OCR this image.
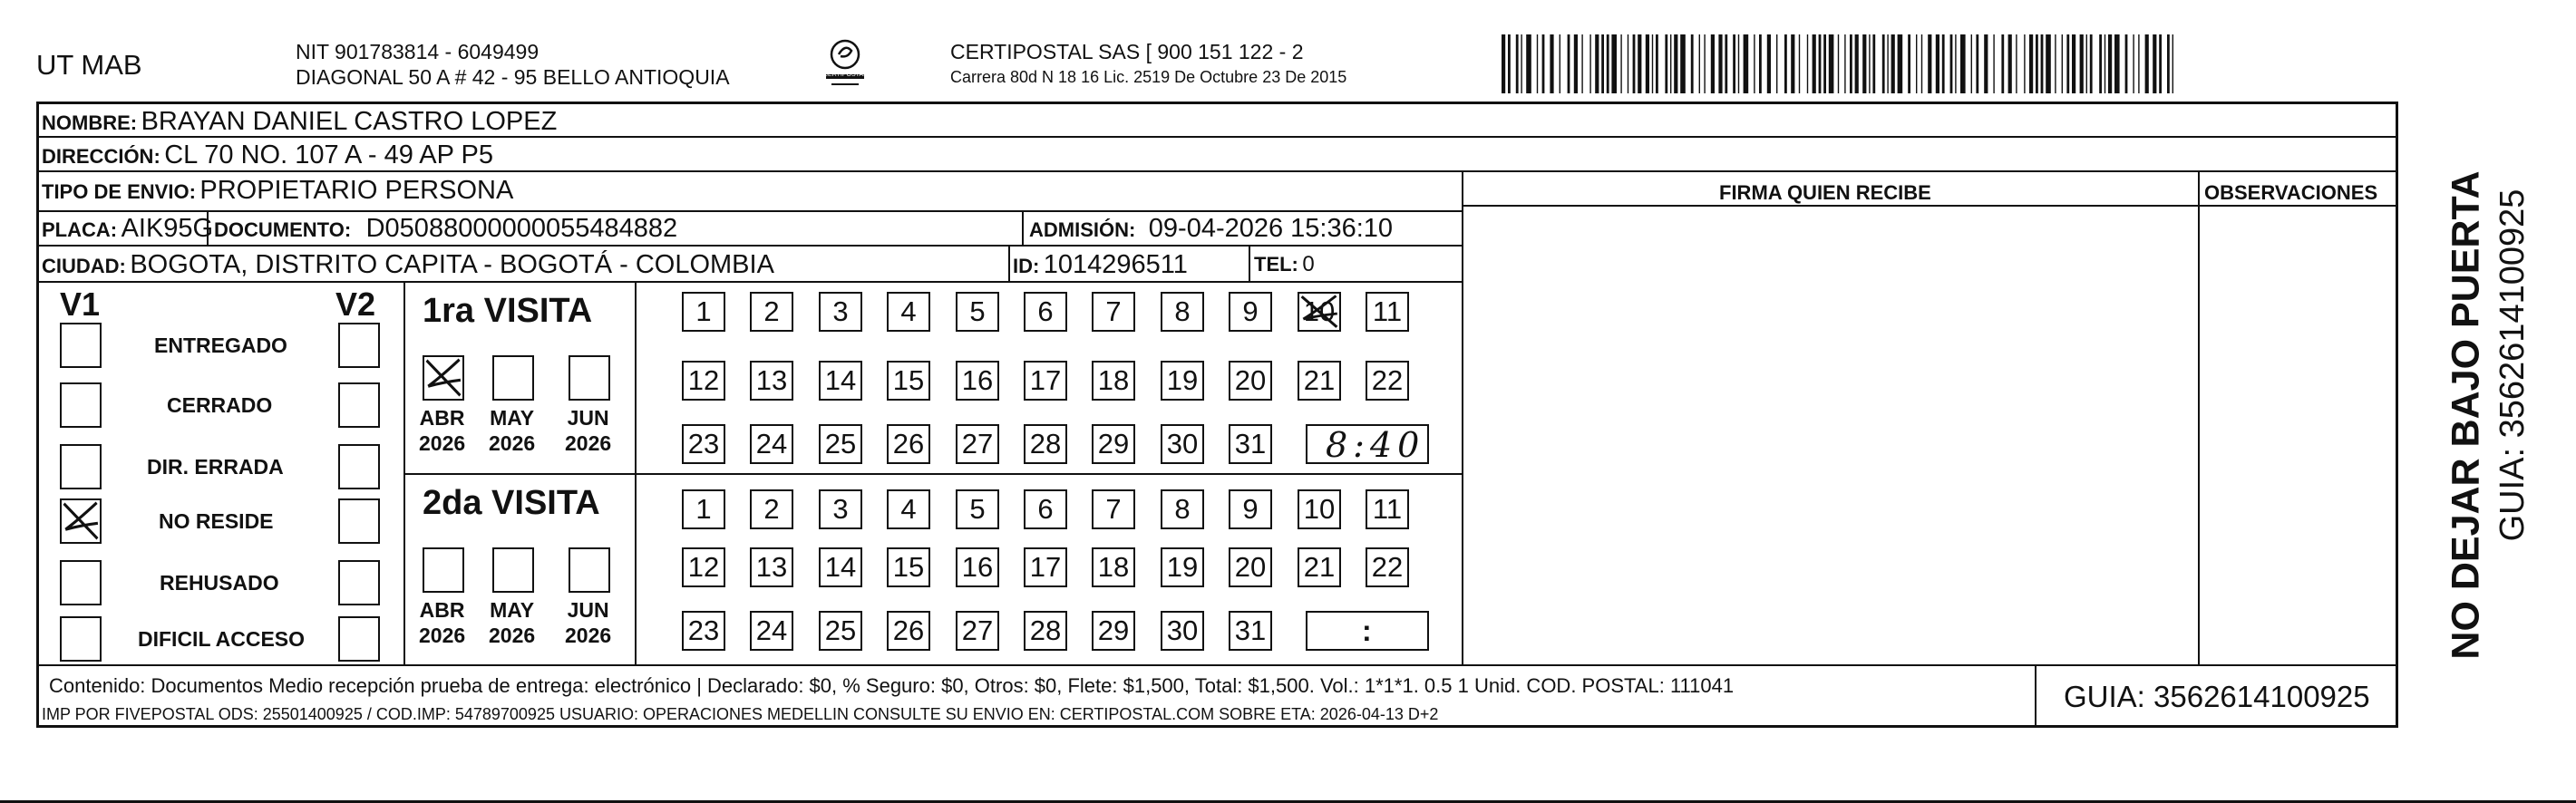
UT MAB	NIT 901783814 - 6049499
DIAGONAL 50 A # 42 - 95 BELLO ANTIOQUIA	CERTIPOSTAL
CERTIPOSTAL SAS [ 900 151 122 - 2
Carrera 80d N 18 16 Lic. 2519 De Octubre 23 De 2015
NOMBRE: BRAYAN DANIEL CASTRO LOPEZ
DIRECCIÓN: CL 70 NO. 107 A - 49 AP P5
TIPO DE ENVIO: PROPIETARIO PERSONA	FIRMA QUIEN RECIBE	OBSERVACIONES
PLACA: AIK95G DOCUMENTO: D05088000000055484882	ADMISIÓN: 09-04-2026 15:36:10
CIUDAD: BOGOTA, DISTRITO CAPITA - BOGOTÁ - COLOMBIA	ID: 1014296511	TEL: 0
V1	V2
ENTREGADO
CERRADO
DIR. ERRADA
NO RESIDE
REHUSADO
DIFICIL ACCESO
1ra VISITA
ABR
2026
MAY
2026
JUN
2026
1 2 3 4 5 6 7 8 9 10 11
12 13 14 15 16 17 18 19 20 21 22
23 24 25 26 27 28 29 30 31 8:40
2da VISITA
ABR
2026
MAY
2026
JUN
2026
1 2 3 4 5 6 7 8 9 10 11
12 13 14 15 16 17 18 19 20 21 22
23 24 25 26 27 28 29 30 31	:
Contenido: Documentos Medio recepción prueba de entrega: electrónico | Declarado: $0, % Seguro: $0, Otros: $0, Flete: $1,500, Total: $1,500. Vol.: 1*1*1. 0.5 1 Unid. COD. POSTAL: 111041
IMP POR FIVEPOSTAL ODS: 25501400925 / COD.IMP: 54789700925 USUARIO: OPERACIONES MEDELLIN CONSULTE SU ENVIO EN: CERTIPOSTAL.COM SOBRE ETA: 2026-04-13 D+2
GUIA: 3562614100925
NO DEJAR BAJO PUERTA GUIA: 3562614100925
